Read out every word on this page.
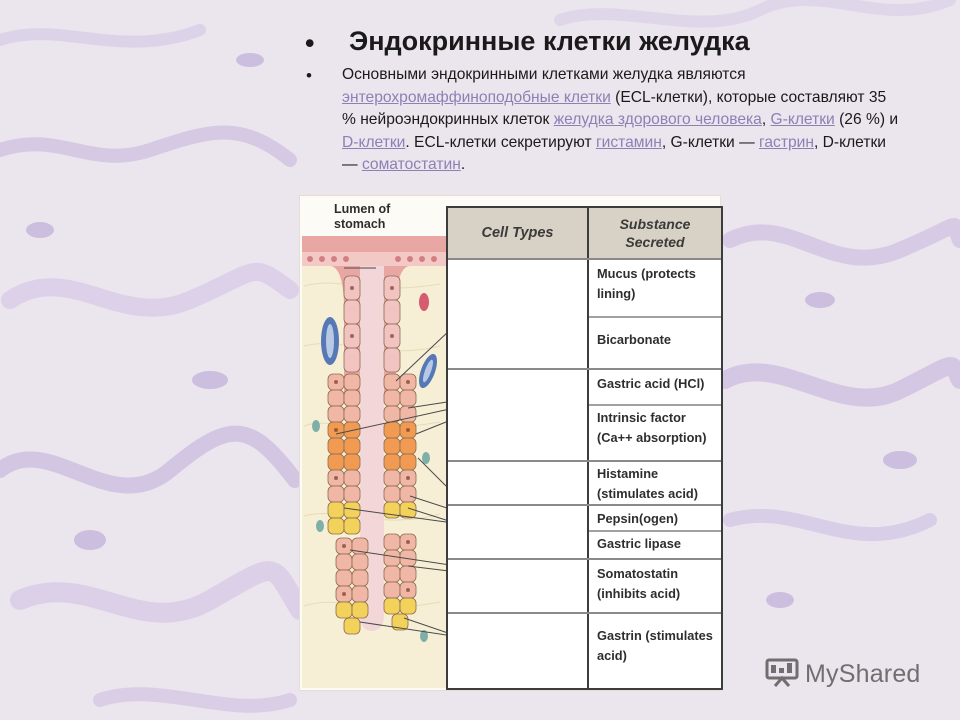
• Эндокринные клетки желудка
• Основными эндокринными клетками желудка являются энтерохромаффиноподобные клетки (ECL-клетки), которые составляют 35 % нейроэндокринных клеток желудка здорового человека, G-клетки (26 %) и D-клетки. ECL-клетки секретируют гистамин, G-клетки — гастрин, D-клетки — соматостатин.
Lumen of stomach
Cell Types
Substance Secreted
Mucus (protects lining)
Bicarbonate
Gastric acid (HCl)
Intrinsic factor (Ca++ absorption)
Histamine (stimulates acid)
Pepsin(ogen)
Gastric lipase
Somatostatin (inhibits acid)
Gastrin (stimulates acid)
MyShared
